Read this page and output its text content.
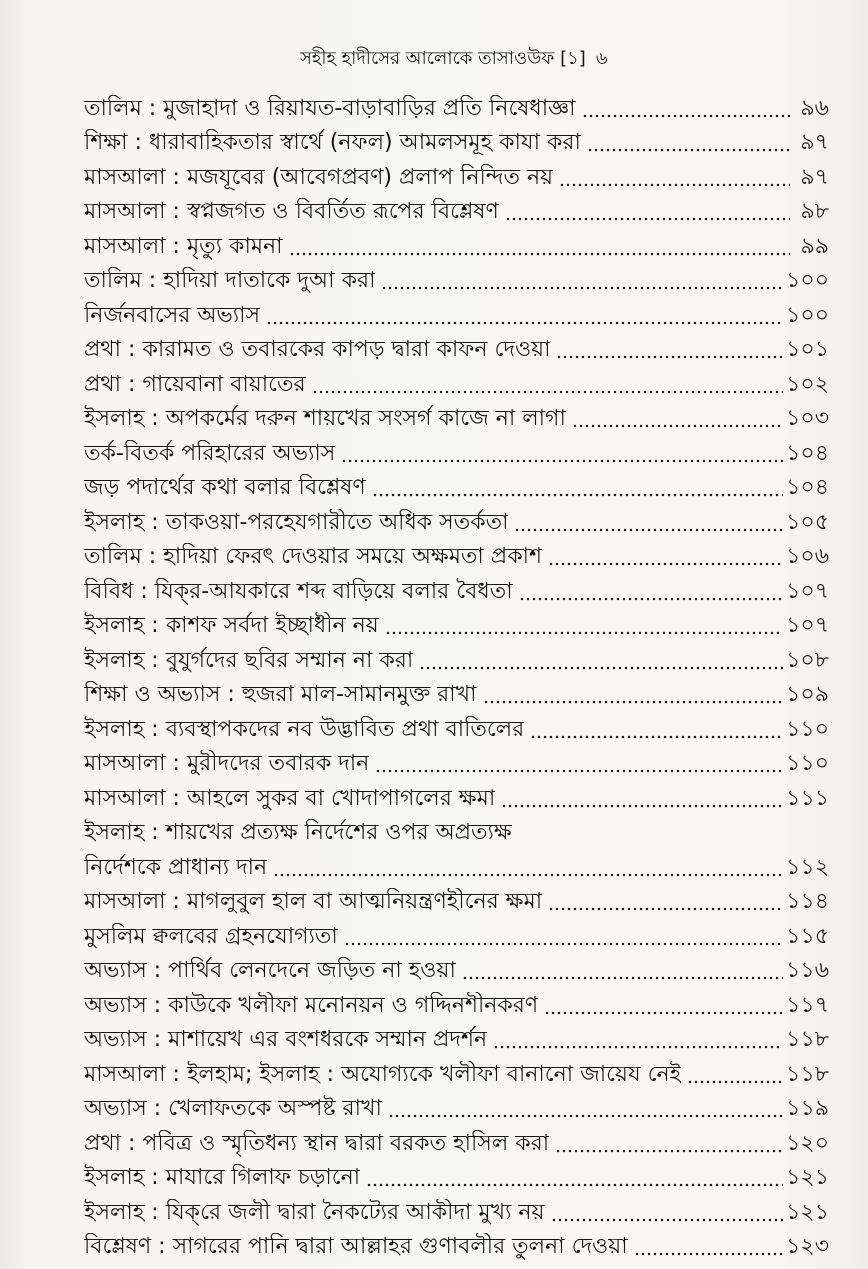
সহীহ হাদীসের আলোকে তাসাওউফ [১] ৬
তালিম : মুজাহাদা ও রিয়াযত-বাড়াবাড়ির প্রতি নিষেধাজ্ঞা	৯৬
শিক্ষা : ধারাবাহিকতার স্বার্থে (নফল) আমলসমূহ কাযা করা	৯৭
মাসআলা : মজযূবের (আবেগপ্রবণ) প্রলাপ নিন্দিত নয়	৯৭
মাসআলা : স্বপ্নজগত ও বিবর্তিত রূপের বিশ্লেষণ	৯৮
মাসআলা : মৃত্যু কামনা	৯৯
তালিম : হাদিয়া দাতাকে দুআ করা	১০০
নির্জনবাসের অভ্যাস	১০০
প্রথা : কারামত ও তবারকের কাপড় দ্বারা কাফন দেওয়া	১০১
প্রথা : গায়েবানা বায়াতের	১০২
ইসলাহ : অপকর্মের দরুন শায়খের সংসর্গ কাজে না লাগা	১০৩
তর্ক-বিতর্ক পরিহারের অভ্যাস	১০৪
জড় পদার্থের কথা বলার বিশ্লেষণ	১০৪
ইসলাহ : তাকওয়া-পরহেযগারীতে অধিক সতর্কতা	১০৫
তালিম : হাদিয়া ফেরৎ দেওয়ার সময়ে অক্ষমতা প্রকাশ	১০৬
বিবিধ : যিক্‌র-আযকারে শব্দ বাড়িয়ে বলার বৈধতা	১০৭
ইসলাহ : কাশফ সর্বদা ইচ্ছাধীন নয়	১০৭
ইসলাহ : বুযুর্গদের ছবির সম্মান না করা	১০৮
শিক্ষা ও অভ্যাস : হুজরা মাল-সামানমুক্ত রাখা	১০৯
ইসলাহ : ব্যবস্থাপকদের নব উদ্ভাবিত প্রথা বাতিলের	১১০
মাসআলা : মুরীদদের তবারক দান	১১০
মাসআলা : আহলে সুকর বা খোদাপাগলের ক্ষমা	১১১
ইসলাহ : শায়খের প্রত্যক্ষ নির্দেশের ওপর অপ্রত্যক্ষ
নির্দেশকে প্রাধান্য দান	১১২
মাসআলা : মাগলুবুল হাল বা আত্মনিয়ন্ত্রণহীনের ক্ষমা	১১৪
মুসলিম ক্বলবের গ্রহনযোগ্যতা	১১৫
অভ্যাস : পার্থিব লেনদেনে জড়িত না হওয়া	১১৬
অভ্যাস : কাউকে খলীফা মনোনয়ন ও গদ্দিনশীনকরণ	১১৭
অভ্যাস : মাশায়েখ এর বংশধরকে সম্মান প্রদর্শন	১১৮
মাসআলা : ইলহাম; ইসলাহ : অযোগ্যকে খলীফা বানানো জায়েয নেই	১১৮
অভ্যাস : খেলাফতকে অস্পষ্ট রাখা	১১৯
প্রথা : পবিত্র ও স্মৃতিধন্য স্থান দ্বারা বরকত হাসিল করা	১২০
ইসলাহ : মাযারে গিলাফ চড়ানো	১২১
ইসলাহ : যিক্‌রে জলী দ্বারা নৈকট্যের আকীদা মুখ্য নয়	১২১
বিশ্লেষণ : সাগরের পানি দ্বারা আল্লাহর গুণাবলীর তুলনা দেওয়া	১২৩
